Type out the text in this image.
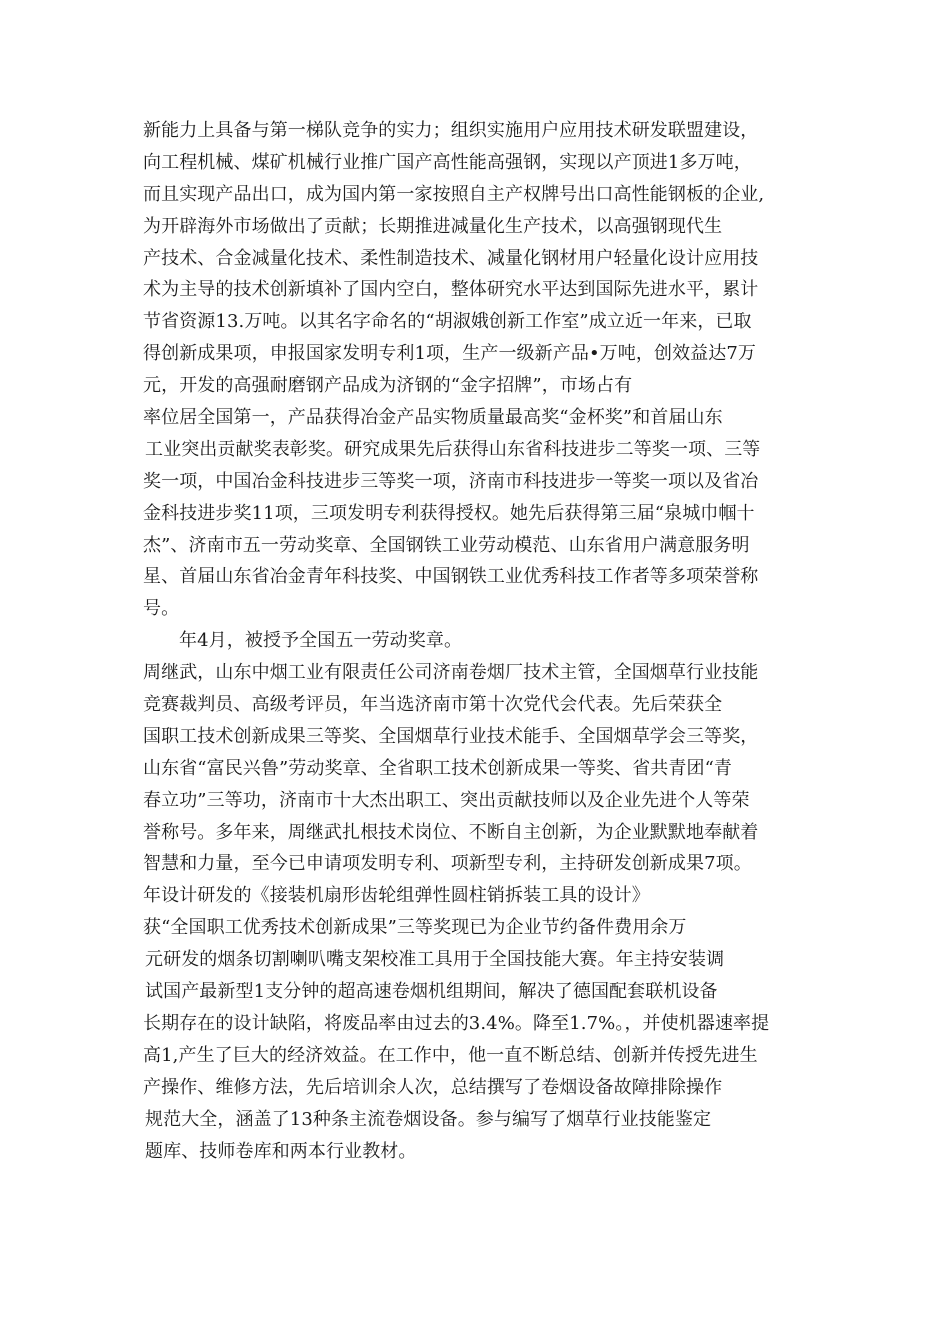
新能力上具备与第一梯队竞争的实力；组织实施用户应用技术研发联盟建设，
向工程机械、煤矿机械行业推广国产高性能高强钢，实现以产顶进1多万吨，
而且实现产品出口，成为国内第一家按照自主产权牌号出口高性能钢板的企业,
为开辟海外市场做出了贡献；长期推进减量化生产技术，以高强钢现代生
产技术、合金减量化技术、柔性制造技术、减量化钢材用户轻量化设计应用技
术为主导的技术创新填补了国内空白，整体研究水平达到国际先进水平，累计
节省资源13.万吨。以其名字命名的“胡淑娥创新工作室”成立近一年来，已取
得创新成果项，申报国家发明专利1项，生产一级新产品•万吨，创效益达7万
元，开发的高强耐磨钢产品成为济钢的“金字招牌”，市场占有
率位居全国第一，产品获得冶金产品实物质量最高奖“金杯奖”和首届山东
工业突出贡献奖表彰奖。研究成果先后获得山东省科技进步二等奖一项、三等
奖一项，中国冶金科技进步三等奖一项，济南市科技进步一等奖一项以及省冶
金科技进步奖11项，三项发明专利获得授权。她先后获得第三届“泉城巾帼十
杰”、济南市五一劳动奖章、全国钢铁工业劳动模范、山东省用户满意服务明
星、首届山东省冶金青年科技奖、中国钢铁工业优秀科技工作者等多项荣誉称
号。
年4月，被授予全国五一劳动奖章。
周继武，山东中烟工业有限责任公司济南卷烟厂技术主管，全国烟草行业技能
竞赛裁判员、高级考评员，年当选济南市第十次党代会代表。先后荣获全
国职工技术创新成果三等奖、全国烟草行业技术能手、全国烟草学会三等奖，
山东省“富民兴鲁”劳动奖章、全省职工技术创新成果一等奖、省共青团“青
春立功”三等功，济南市十大杰出职工、突出贡献技师以及企业先进个人等荣
誉称号。多年来，周继武扎根技术岗位、不断自主创新，为企业默默地奉献着
智慧和力量，至今已申请项发明专利、项新型专利，主持研发创新成果7项。
年设计研发的《接装机扇形齿轮组弹性圆柱销拆装工具的设计》
获“全国职工优秀技术创新成果”三等奖现已为企业节约备件费用余万
元研发的烟条切割喇叭嘴支架校准工具用于全国技能大赛。年主持安装调
试国产最新型1支分钟的超高速卷烟机组期间，解决了德国配套联机设备
长期存在的设计缺陷，将废品率由过去的3.4%。降至1.7%。，并使机器速率提
高1,产生了巨大的经济效益。在工作中，他一直不断总结、创新并传授先进生
产操作、维修方法，先后培训余人次，总结撰写了卷烟设备故障排除操作
规范大全，涵盖了13种条主流卷烟设备。参与编写了烟草行业技能鉴定
题库、技师卷库和两本行业教材。
